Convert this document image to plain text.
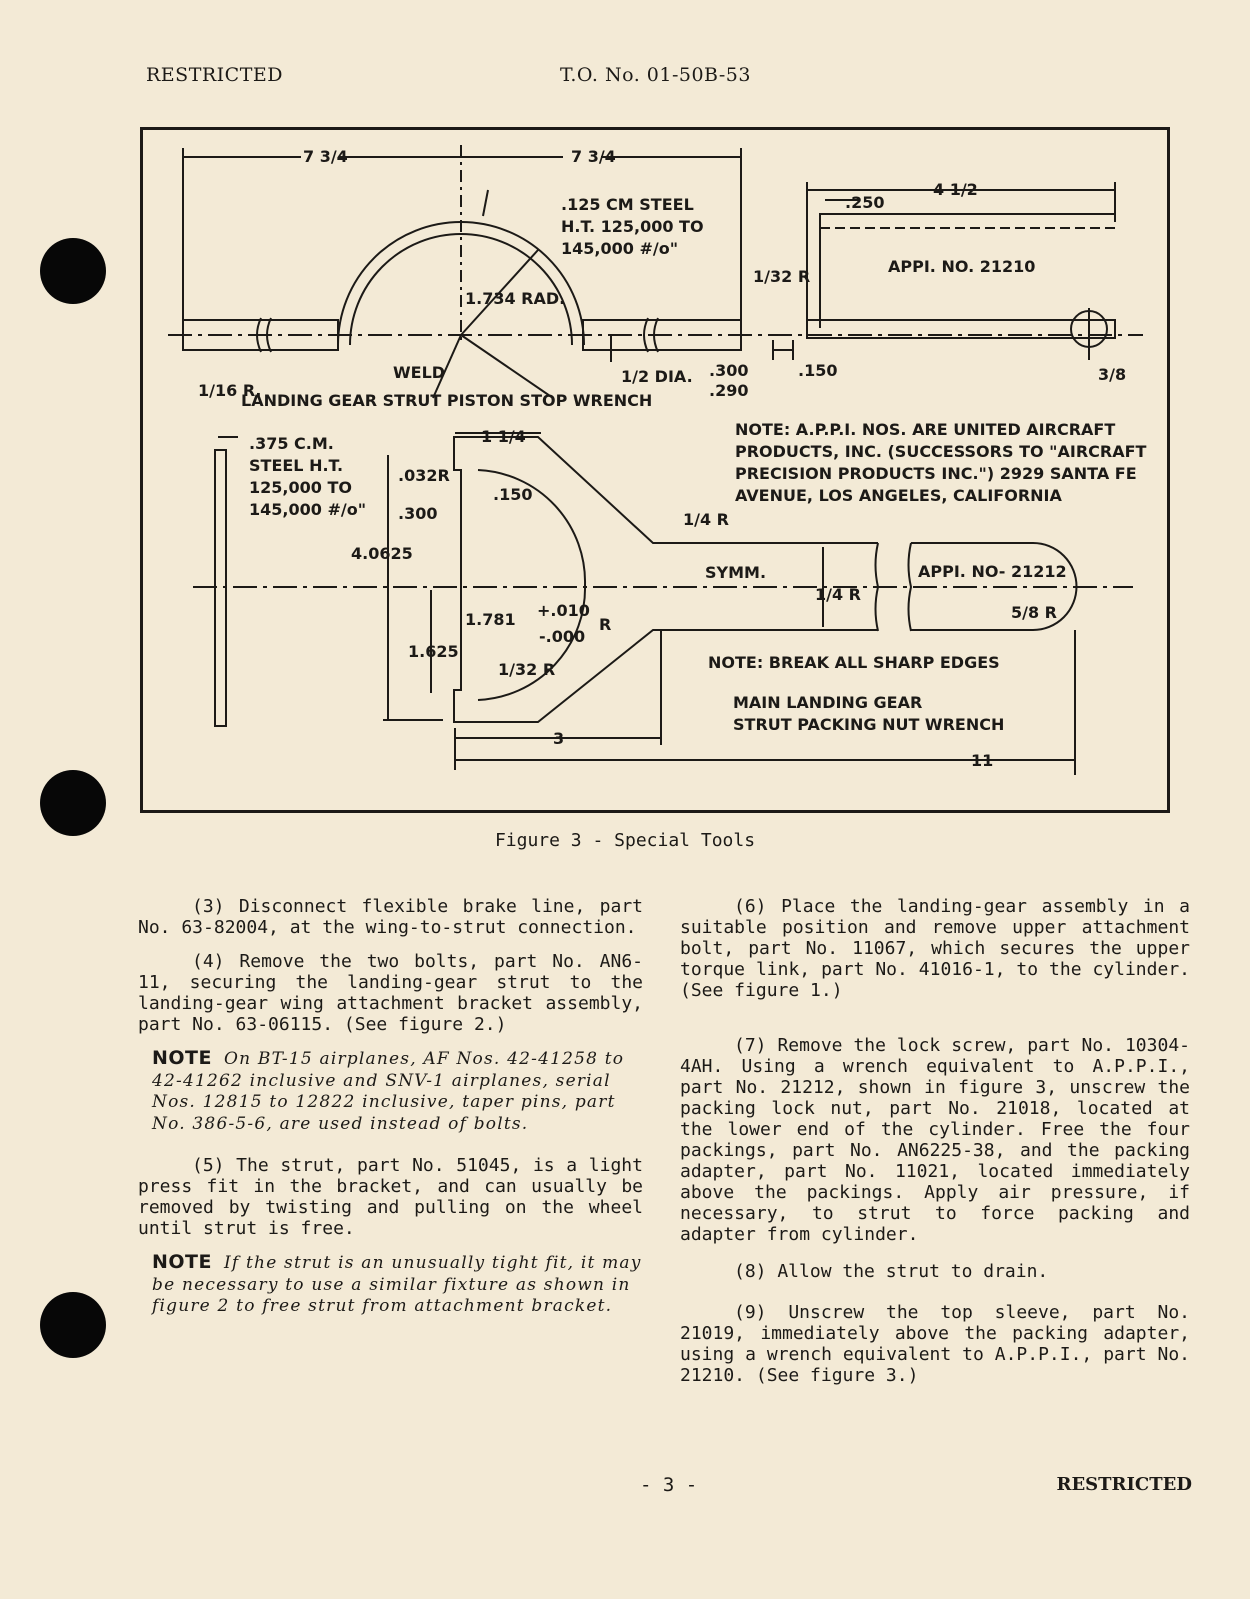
RESTRICTED	T.O. No. 01-50B-53
7 3/4	7 3/4
.125 CM STEEL
H.T. 125,000 TO
145,000 #/o"
1.734 RAD.
WELD	1/2 DIA.
1/16 R.
LANDING GEAR STRUT PISTON STOP WRENCH
4 1/2
.250
1/32 R
APPI. NO. 21210
.300
.290
.150	3/8
NOTE: A.P.P.I. NOS. ARE UNITED AIRCRAFT
PRODUCTS, INC. (SUCCESSORS TO "AIRCRAFT
PRECISION PRODUCTS INC.") 2929 SANTA FE
AVENUE, LOS ANGELES, CALIFORNIA
.375 C.M.
STEEL H.T.
125,000 TO
145,000 #/o"
1 1/4
.032R
.300
.150
4.0625
1/4 R
SYMM.
1/4 R
APPI. NO- 21212
5/8 R
1.781 +.010
-.000
R
1.625
1/32 R	NOTE: BREAK ALL SHARP EDGES
MAIN LANDING GEAR
STRUT PACKING NUT WRENCH
3
11
Figure 3 - Special Tools

(3) Disconnect flexible brake line, part No. 63-82004, at the wing-to-strut connection.

(4) Remove the two bolts, part No. AN6-11, securing the landing-gear strut to the landing-gear wing attachment bracket assembly, part No. 63-06115. (See figure 2.)

NOTE On BT-15 airplanes, AF Nos. 42-41258 to 42-41262 inclusive and SNV-1 airplanes, serial Nos. 12815 to 12822 inclusive, taper pins, part No. 386-5-6, are used instead of bolts.

(5) The strut, part No. 51045, is a light press fit in the bracket, and can usually be removed by twisting and pulling on the wheel until strut is free.

NOTE If the strut is an unusually tight fit, it may be necessary to use a similar fixture as shown in figure 2 to free strut from attachment bracket.

(6) Place the landing-gear assembly in a suitable position and remove upper attachment bolt, part No. 11067, which secures the upper torque link, part No. 41016-1, to the cylinder. (See figure 1.)

(7) Remove the lock screw, part No. 10304-4AH. Using a wrench equivalent to A.P.P.I., part No. 21212, shown in figure 3, unscrew the packing lock nut, part No. 21018, located at the lower end of the cylinder. Free the four packings, part No. AN6225-38, and the packing adapter, part No. 11021, located immediately above the packings. Apply air pressure, if necessary, to strut to force packing and adapter from cylinder.

(8) Allow the strut to drain.

(9) Unscrew the top sleeve, part No. 21019, immediately above the packing adapter, using a wrench equivalent to A.P.P.I., part No. 21210. (See figure 3.)

- 3 -	RESTRICTED
